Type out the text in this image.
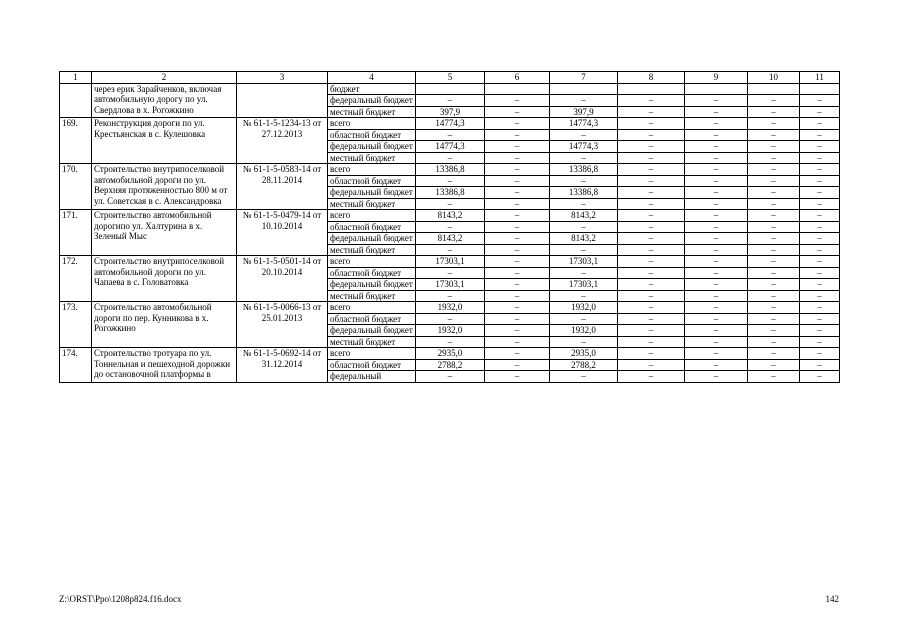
1	2	3	4	5	6	7	8	9	10	11
	через ерик Зарайченков, включая автомобильную дорогу по ул. Свердлова в х. Рогожкино		бюджет							
			федеральный бюджет	–	–	–	–	–	–	–
			местный бюджет	397,9	–	397,9	–	–	–	–
169.	Реконструкция дороги по ул. Крестьянская в с. Кулешовка	№ 61-1-5-1234-13 от 27.12.2013	всего	14774,3	–	14774,3	–	–	–	–
			областной бюджет	–	–	–	–	–	–	–
			федеральный бюджет	14774,3	–	14774,3	–	–	–	–
			местный бюджет	–	–	–	–	–	–	–
170.	Строительство внутрипоселковой автомобильной дороги по ул. Верхняя протяженностью 800 м от ул. Советская в с. Александровка	№ 61-1-5-0583-14 от 28.11.2014	всего	13386,8	–	13386,8	–	–	–	–
			областной бюджет	–	–	–	–	–	–	–
			федеральный бюджет	13386,8	–	13386,8	–	–	–	–
			местный бюджет	–	–	–	–	–	–	–
171.	Строительство автомобильной дорогипо ул. Халтурина в х. Зеленый Мыс	№ 61-1-5-0479-14 от 10.10.2014	всего	8143,2	–	8143,2	–	–	–	–
			областной бюджет	–	–	–	–	–	–	–
			федеральный бюджет	8143,2	–	8143,2	–	–	–	–
			местный бюджет	–	–	–	–	–	–	–
172.	Строительство внутрипоселковой автомобильной дороги по ул. Чапаева в с. Головатовка	№ 61-1-5-0501-14 от 20.10.2014	всего	17303,1	–	17303,1	–	–	–	–
			областной бюджет	–	–	–	–	–	–	–
			федеральный бюджет	17303,1	–	17303,1	–	–	–	–
			местный бюджет	–	–	–	–	–	–	–
173.	Строительство автомобильной дороги по пер. Кунникова в х. Рогожкино	№ 61-1-5-0066-13 от 25.01.2013	всего	1932,0	–	1932,0	–	–	–	–
			областной бюджет	–	–	–	–	–	–	–
			федеральный бюджет	1932,0	–	1932,0	–	–	–	–
			местный бюджет	–	–	–	–	–	–	–
174.	Строительство тротуара по ул. Тоннельная и пешеходной дорожки до остановочной платформы в	№ 61-1-5-0692-14 от 31.12.2014	всего	2935,0	–	2935,0	–	–	–	–
			областной бюджет	2788,2	–	2788,2	–	–	–	–
			федеральный	–	–	–	–	–	–	–
Z:\ORST\Ppo\1208p824.f16.docx	142
